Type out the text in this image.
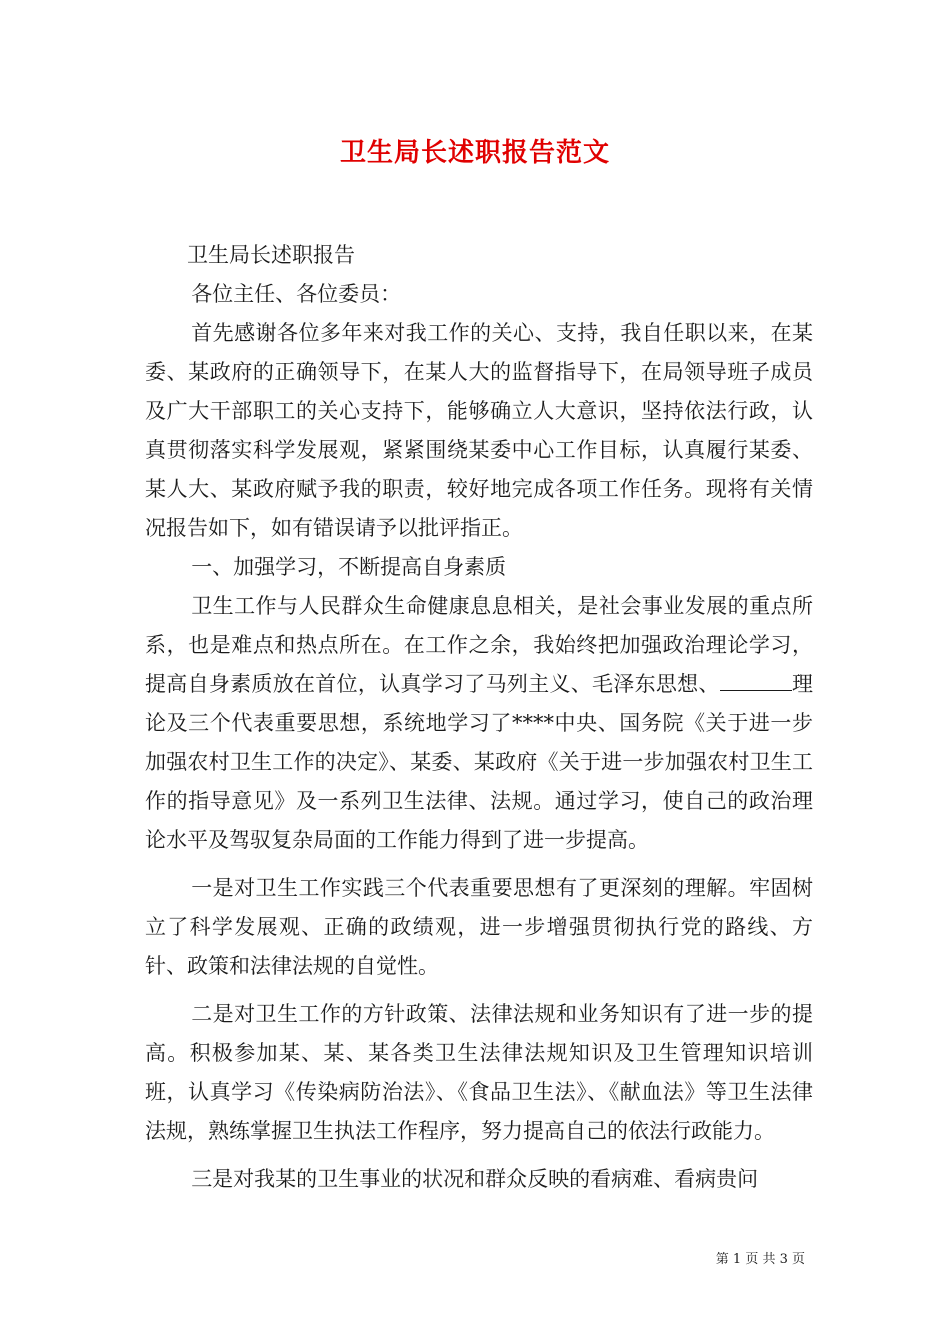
卫生局长述职报告范文

卫生局长述职报告

各位主任、各位委员：

首先感谢各位多年来对我工作的关心、支持，我自任职以来，在某委、某政府的正确领导下，在某人大的监督指导下，在局领导班子成员及广大干部职工的关心支持下，能够确立人大意识，坚持依法行政，认真贯彻落实科学发展观，紧紧围绕某委中心工作目标，认真履行某委、某人大、某政府赋予我的职责，较好地完成各项工作任务。现将有关情况报告如下，如有错误请予以批评指正。

一、加强学习，不断提高自身素质

卫生工作与人民群众生命健康息息相关，是社会事业发展的重点所系，也是难点和热点所在。在工作之余，我始终把加强政治理论学习，提高自身素质放在首位，认真学习了马列主义、毛泽东思想、	理论及三个代表重要思想，系统地学习了****中央、国务院《关于进一步加强农村卫生工作的决定》、某委、某政府《关于进一步加强农村卫生工作的指导意见》及一系列卫生法律、法规。通过学习，使自己的政治理论水平及驾驭复杂局面的工作能力得到了进一步提高。

一是对卫生工作实践三个代表重要思想有了更深刻的理解。牢固树立了科学发展观、正确的政绩观，进一步增强贯彻执行党的路线、方针、政策和法律法规的自觉性。

二是对卫生工作的方针政策、法律法规和业务知识有了进一步的提高。积极参加某、某、某各类卫生法律法规知识及卫生管理知识培训班，认真学习《传染病防治法》、《食品卫生法》、《献血法》等卫生法律法规，熟练掌握卫生执法工作程序，努力提高自己的依法行政能力。

三是对我某的卫生事业的状况和群众反映的看病难、看病贵问

第 1 页 共 3 页
